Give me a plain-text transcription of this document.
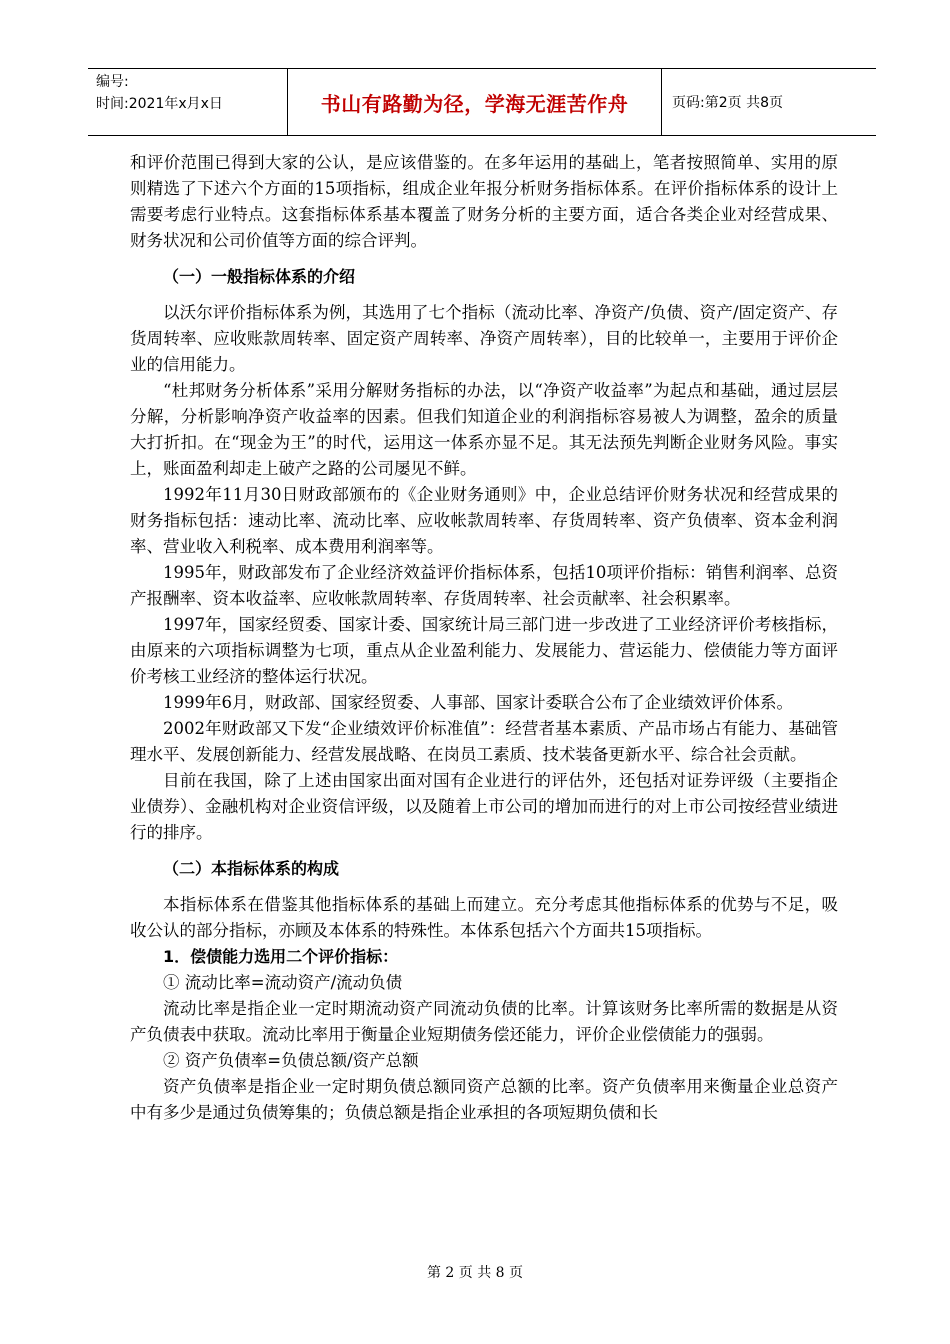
编号:
时间:2021年x月x日	书山有路勤为径，学海无涯苦作舟	页码:第2页 共8页

和评价范围已得到大家的公认，是应该借鉴的。在多年运用的基础上，笔者按照简单、实用的原则精选了下述六个方面的15项指标，组成企业年报分析财务指标体系。在评价指标体系的设计上需要考虑行业特点。这套指标体系基本覆盖了财务分析的主要方面，适合各类企业对经营成果、财务状况和公司价值等方面的综合评判。

（一）一般指标体系的介绍

以沃尔评价指标体系为例，其选用了七个指标（流动比率、净资产/负债、资产/固定资产、存货周转率、应收账款周转率、固定资产周转率、净资产周转率），目的比较单一，主要用于评价企业的信用能力。

“杜邦财务分析体系”采用分解财务指标的办法，以“净资产收益率”为起点和基础，通过层层分解，分析影响净资产收益率的因素。但我们知道企业的利润指标容易被人为调整，盈余的质量大打折扣。在“现金为王”的时代，运用这一体系亦显不足。其无法预先判断企业财务风险。事实上，账面盈利却走上破产之路的公司屡见不鲜。

1992年11月30日财政部颁布的《企业财务通则》中，企业总结评价财务状况和经营成果的财务指标包括：速动比率、流动比率、应收帐款周转率、存货周转率、资产负债率、资本金利润率、营业收入利税率、成本费用利润率等。

1995年，财政部发布了企业经济效益评价指标体系，包括10项评价指标：销售利润率、总资产报酬率、资本收益率、应收帐款周转率、存货周转率、社会贡献率、社会积累率。

1997年，国家经贸委、国家计委、国家统计局三部门进一步改进了工业经济评价考核指标，由原来的六项指标调整为七项，重点从企业盈利能力、发展能力、营运能力、偿债能力等方面评价考核工业经济的整体运行状况。

1999年6月，财政部、国家经贸委、人事部、国家计委联合公布了企业绩效评价体系。

2002年财政部又下发“企业绩效评价标准值”：经营者基本素质、产品市场占有能力、基础管理水平、发展创新能力、经营发展战略、在岗员工素质、技术装备更新水平、综合社会贡献。

目前在我国，除了上述由国家出面对国有企业进行的评估外，还包括对证券评级（主要指企业债券）、金融机构对企业资信评级，以及随着上市公司的增加而进行的对上市公司按经营业绩进行的排序。

（二）本指标体系的构成

本指标体系在借鉴其他指标体系的基础上而建立。充分考虑其他指标体系的优势与不足，吸收公认的部分指标，亦顾及本体系的特殊性。本体系包括六个方面共15项指标。

1．偿债能力选用二个评价指标：

① 流动比率=流动资产/流动负债

流动比率是指企业一定时期流动资产同流动负债的比率。计算该财务比率所需的数据是从资产负债表中获取。流动比率用于衡量企业短期债务偿还能力，评价企业偿债能力的强弱。

② 资产负债率=负债总额/资产总额

资产负债率是指企业一定时期负债总额同资产总额的比率。资产负债率用来衡量企业总资产中有多少是通过负债筹集的；负债总额是指企业承担的各项短期负债和长

第 2 页 共 8 页
